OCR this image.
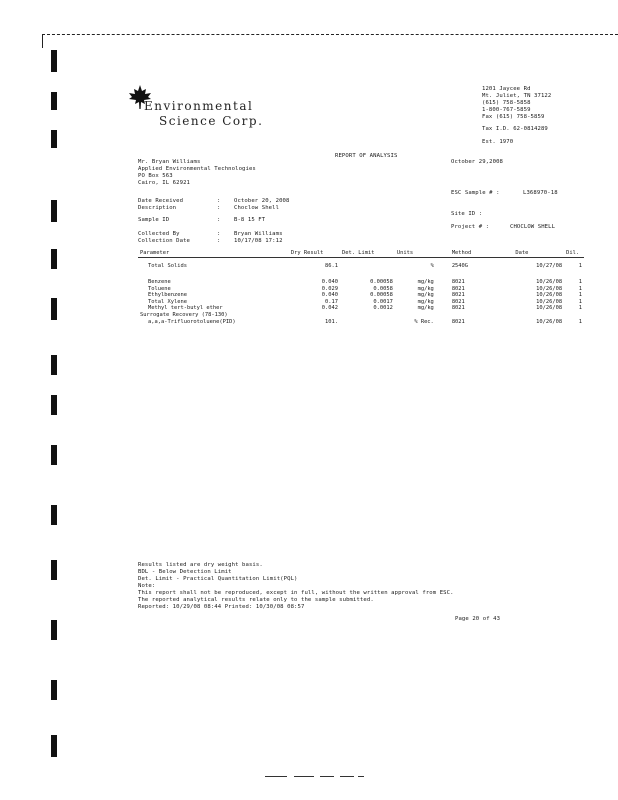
Environmental
Science Corp.
1201 Jaycee Rd
Mt. Juliet, TN 37122
(615) 758-5858
1-800-767-5859
Fax (615) 758-5859
Tax I.D. 62-0814289
Est. 1970
REPORT OF ANALYSIS
October 29,2008
Mr. Bryan Williams
Applied Environmental Technologies
PO Box 563
Cairo, IL 62921
ESC Sample # :	L368970-18
Site ID :
Project # :	CHOCLOW SHELL
Date Received	: October 20, 2008
Description	: Choclow Shell
Sample ID	: B-8 15 FT
Collected By	: Bryan Williams
Collection Date	: 10/17/08 17:12
Parameter	Dry Result	Det. Limit	Units	Method	Date	Dil.
Total Solids	86.1		%	2540G	10/27/08	1

Benzene	0.040	0.00058	mg/kg	8021	10/26/08	1
Toluene	0.029	0.0058	mg/kg	8021	10/26/08	1
Ethylbenzene	0.040	0.00058	mg/kg	8021	10/26/08	1
Total Xylene	0.17	0.0017	mg/kg	8021	10/26/08	1
Methyl tert-butyl ether	0.042	0.0012	mg/kg	8021	10/26/08	1
Surrogate Recovery (78-130)						
a,a,a-Trifluorotoluene(PID)	101.		% Rec.	8021	10/26/08	1
Results listed are dry weight basis.
BDL - Below Detection Limit
Det. Limit - Practical Quantitation Limit(PQL)
Note:
This report shall not be reproduced, except in full, without the written approval from ESC.
The reported analytical results relate only to the sample submitted.
Reported: 10/29/08 08:44 Printed: 10/30/08 08:57
Page 20 of 43
